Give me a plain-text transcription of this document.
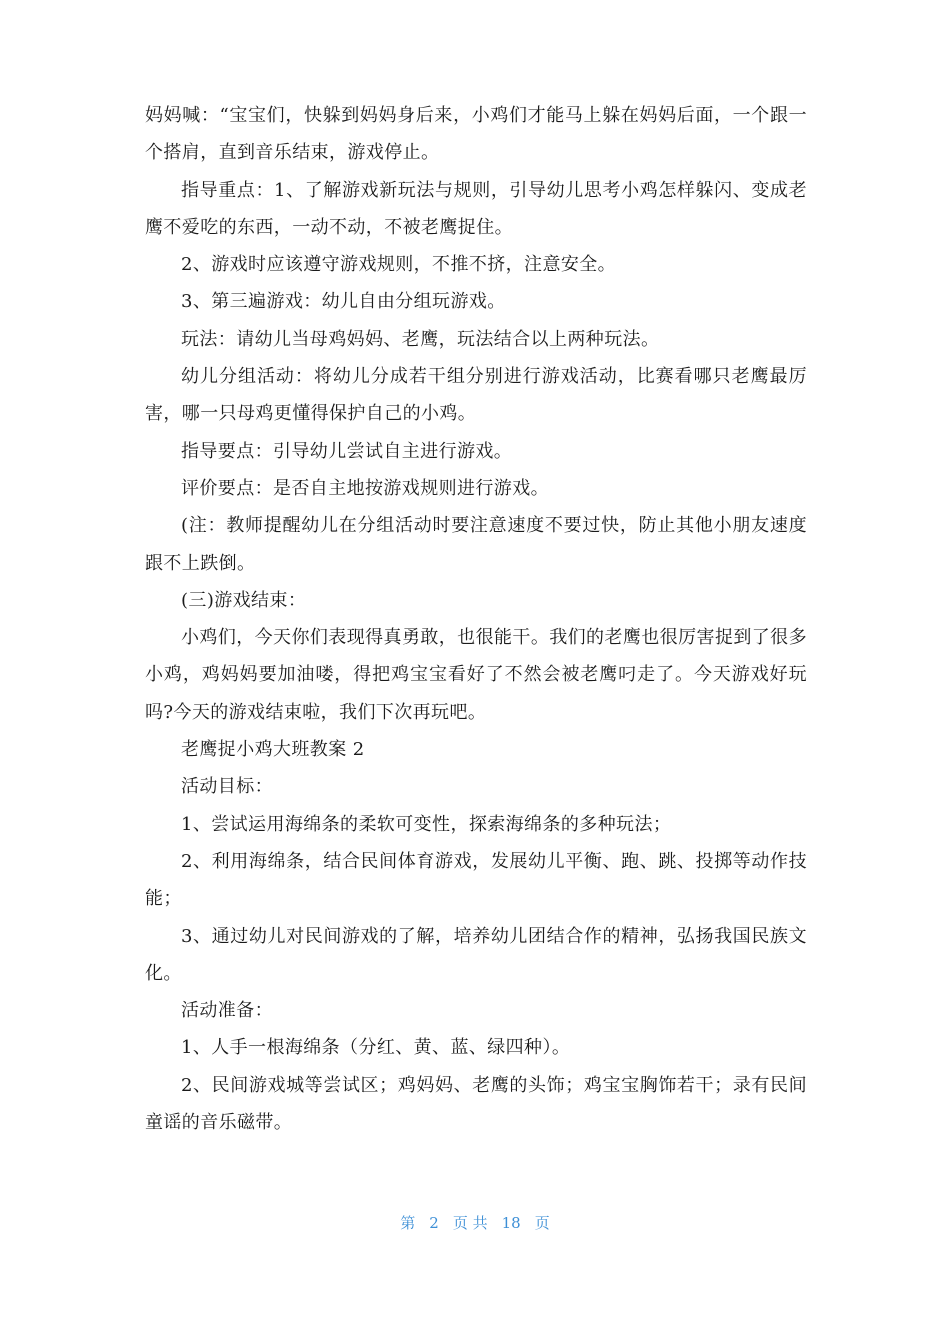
妈妈喊：“宝宝们，快躲到妈妈身后来，小鸡们才能马上躲在妈妈后面，一个跟一个搭肩，直到音乐结束，游戏停止。

指导重点：1、了解游戏新玩法与规则，引导幼儿思考小鸡怎样躲闪、变成老鹰不爱吃的东西，一动不动，不被老鹰捉住。

2、游戏时应该遵守游戏规则，不推不挤，注意安全。

3、第三遍游戏：幼儿自由分组玩游戏。

玩法：请幼儿当母鸡妈妈、老鹰，玩法结合以上两种玩法。

幼儿分组活动：将幼儿分成若干组分别进行游戏活动，比赛看哪只老鹰最厉害，哪一只母鸡更懂得保护自己的小鸡。

指导要点：引导幼儿尝试自主进行游戏。

评价要点：是否自主地按游戏规则进行游戏。

(注：教师提醒幼儿在分组活动时要注意速度不要过快，防止其他小朋友速度跟不上跌倒。

(三)游戏结束：

小鸡们，今天你们表现得真勇敢，也很能干。我们的老鹰也很厉害捉到了很多小鸡，鸡妈妈要加油喽，得把鸡宝宝看好了不然会被老鹰叼走了。今天游戏好玩吗?今天的游戏结束啦，我们下次再玩吧。

老鹰捉小鸡大班教案 2

活动目标：

1、尝试运用海绵条的柔软可变性，探索海绵条的多种玩法；

2、利用海绵条，结合民间体育游戏，发展幼儿平衡、跑、跳、投掷等动作技能；

3、通过幼儿对民间游戏的了解，培养幼儿团结合作的精神，弘扬我国民族文化。

活动准备：

1、人手一根海绵条（分红、黄、蓝、绿四种）。

2、民间游戏城等尝试区；鸡妈妈、老鹰的头饰；鸡宝宝胸饰若干；录有民间童谣的音乐磁带。

第 2 页 共 18 页
